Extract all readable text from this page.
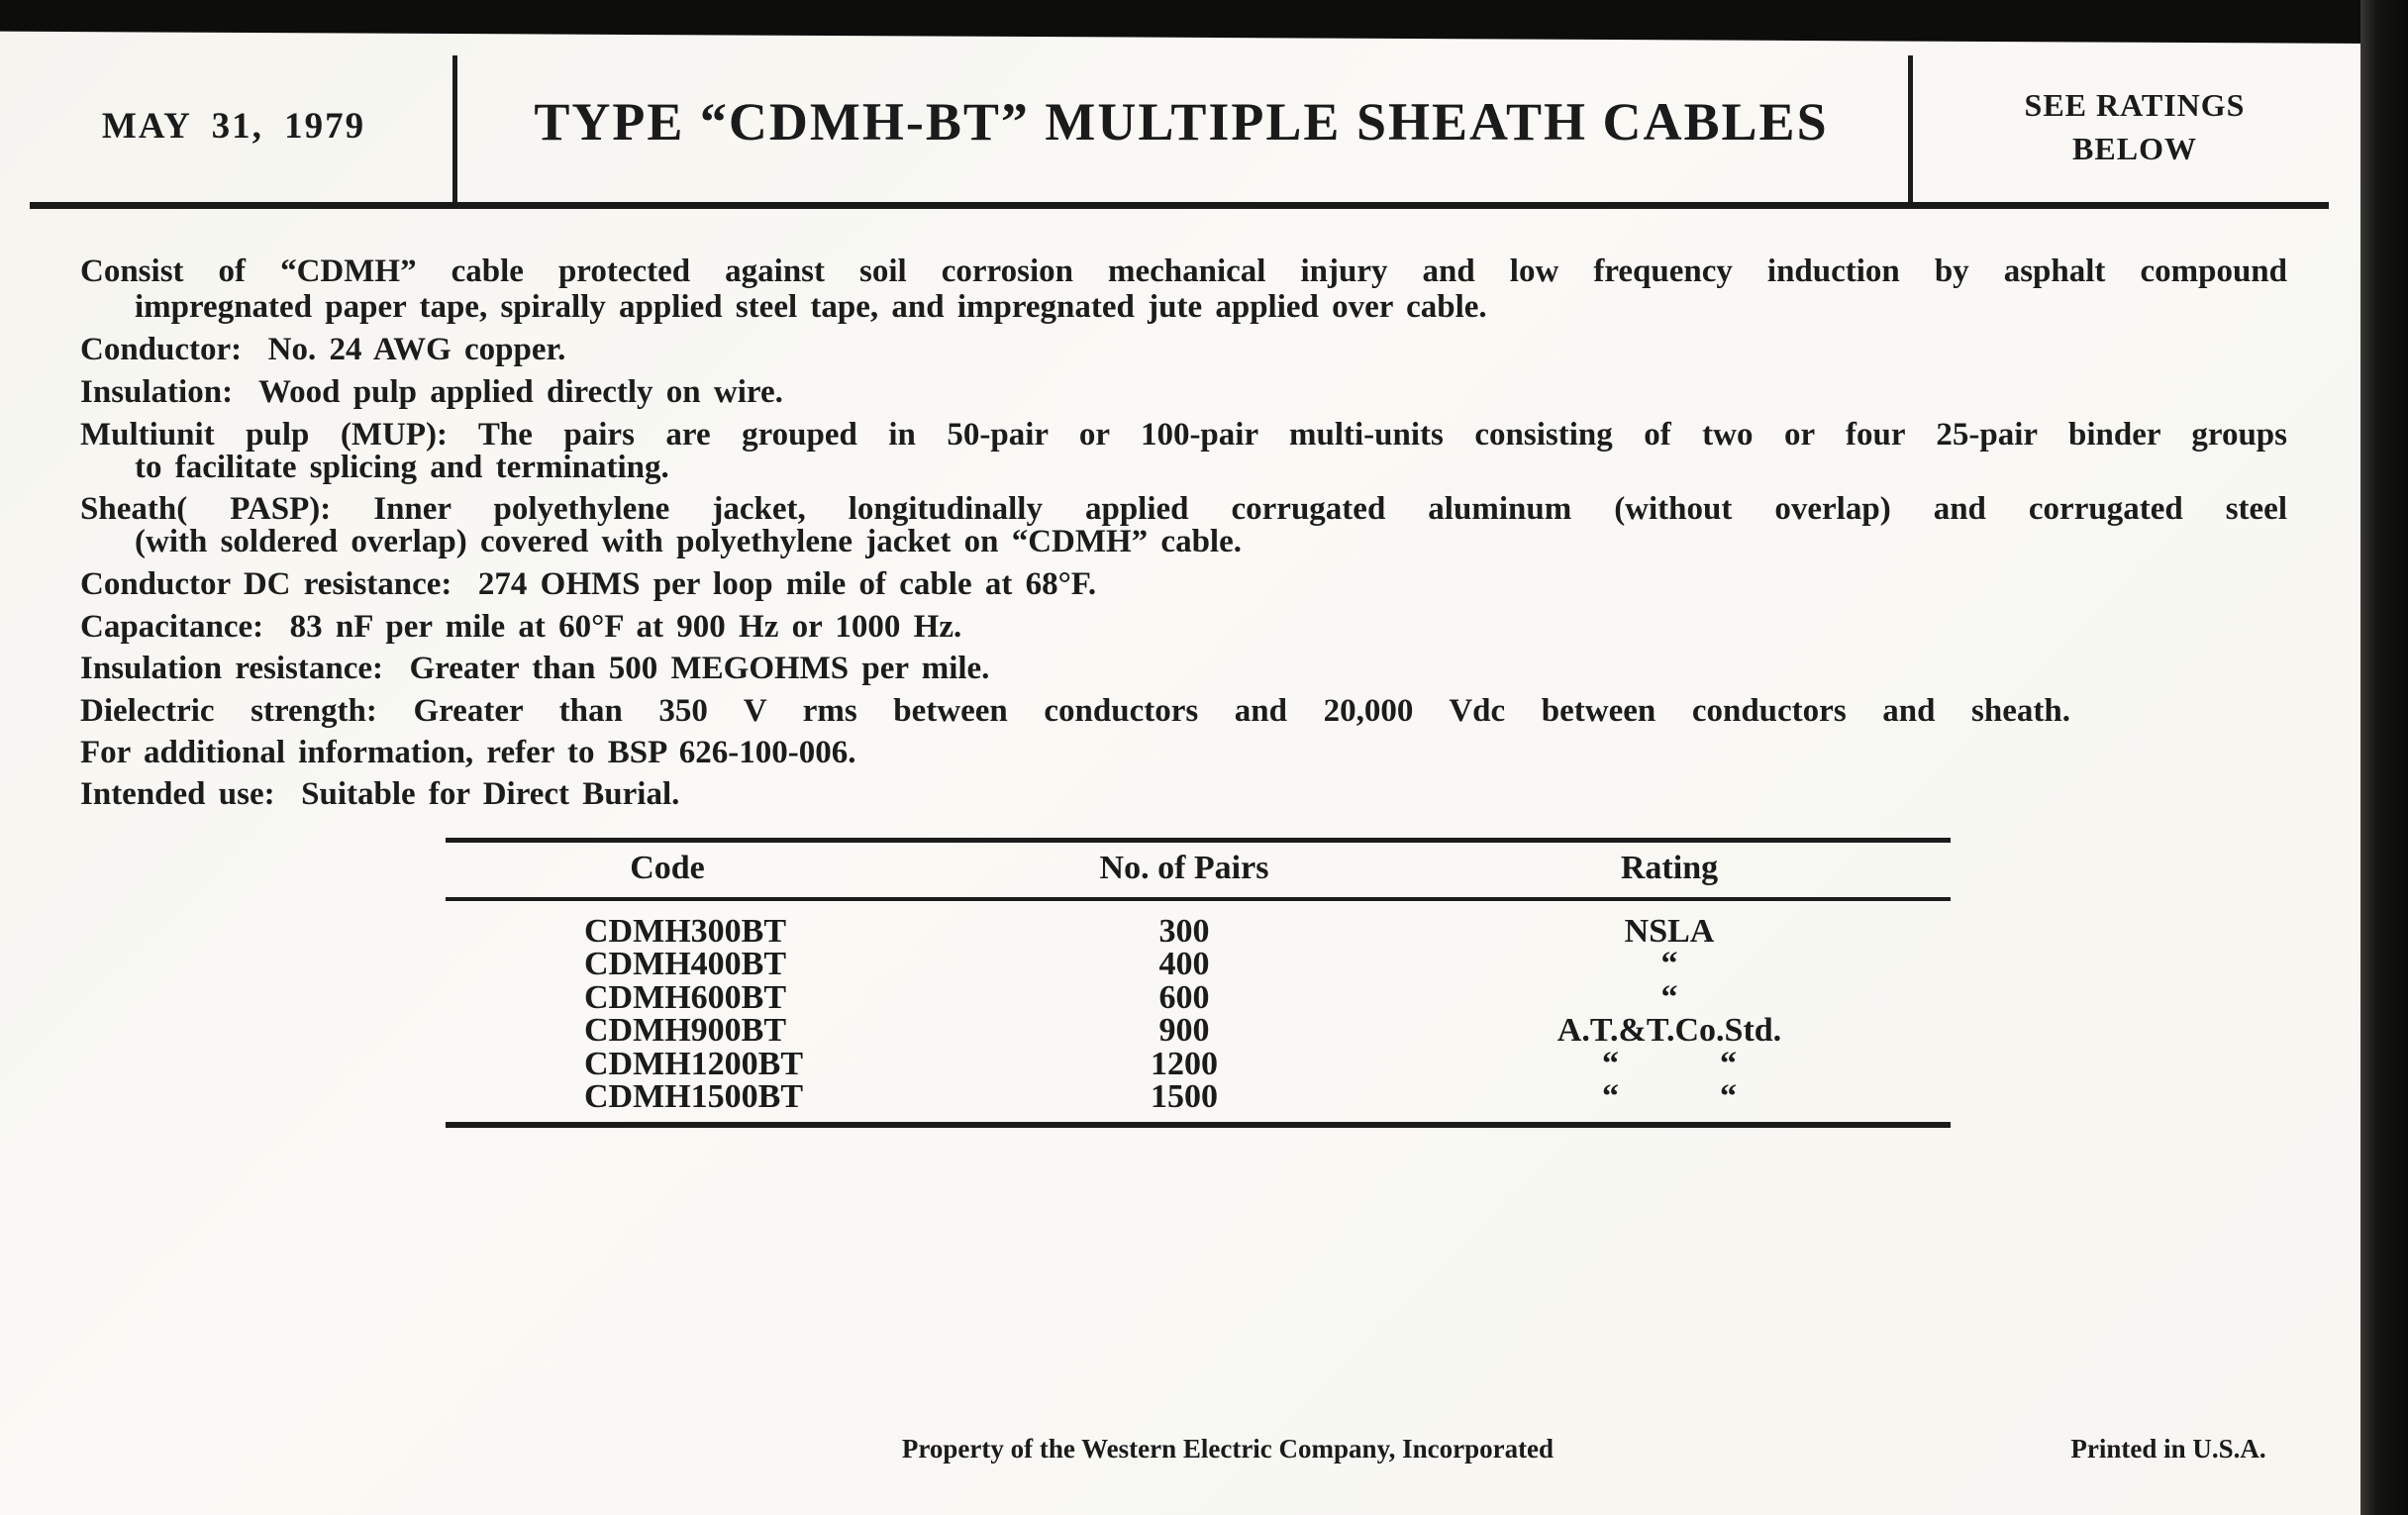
MAY 31, 1979	TYPE “CDMH-BT” MULTIPLE SHEATH CABLES	SEE RATINGS
BELOW
Consist of “CDMH” cable protected against soil corrosion mechanical injury and low frequency induction by asphalt compound
impregnated paper tape, spirally applied steel tape, and impregnated jute applied over cable.
Conductor:  No. 24 AWG copper.
Insulation:  Wood pulp applied directly on wire.
Multiunit pulp (MUP): The pairs are grouped in 50-pair or 100-pair multi-units consisting of two or four 25-pair binder groups
to facilitate splicing and terminating.
Sheath( PASP): Inner polyethylene jacket, longitudinally applied corrugated aluminum (without overlap) and corrugated steel
(with soldered overlap) covered with polyethylene jacket on “CDMH” cable.
Conductor DC resistance:  274 OHMS per loop mile of cable at 68°F.
Capacitance:  83 nF per mile at 60°F at 900 Hz or 1000 Hz.
Insulation resistance:  Greater than 500 MEGOHMS per mile.
Dielectric strength: Greater than 350 V rms between conductors and 20,000 Vdc between conductors and sheath.
For additional information, refer to BSP 626-100-006.
Intended use:  Suitable for Direct Burial.
Code	No. of Pairs	Rating
CDMH300BT	300	NSLA
CDMH400BT	400	“
CDMH600BT	600	“
CDMH900BT	900	A.T.&T.Co.Std.
CDMH1200BT	1200	“   “
CDMH1500BT	1500	“   “
Property of the Western Electric Company, Incorporated	Printed in U.S.A.
